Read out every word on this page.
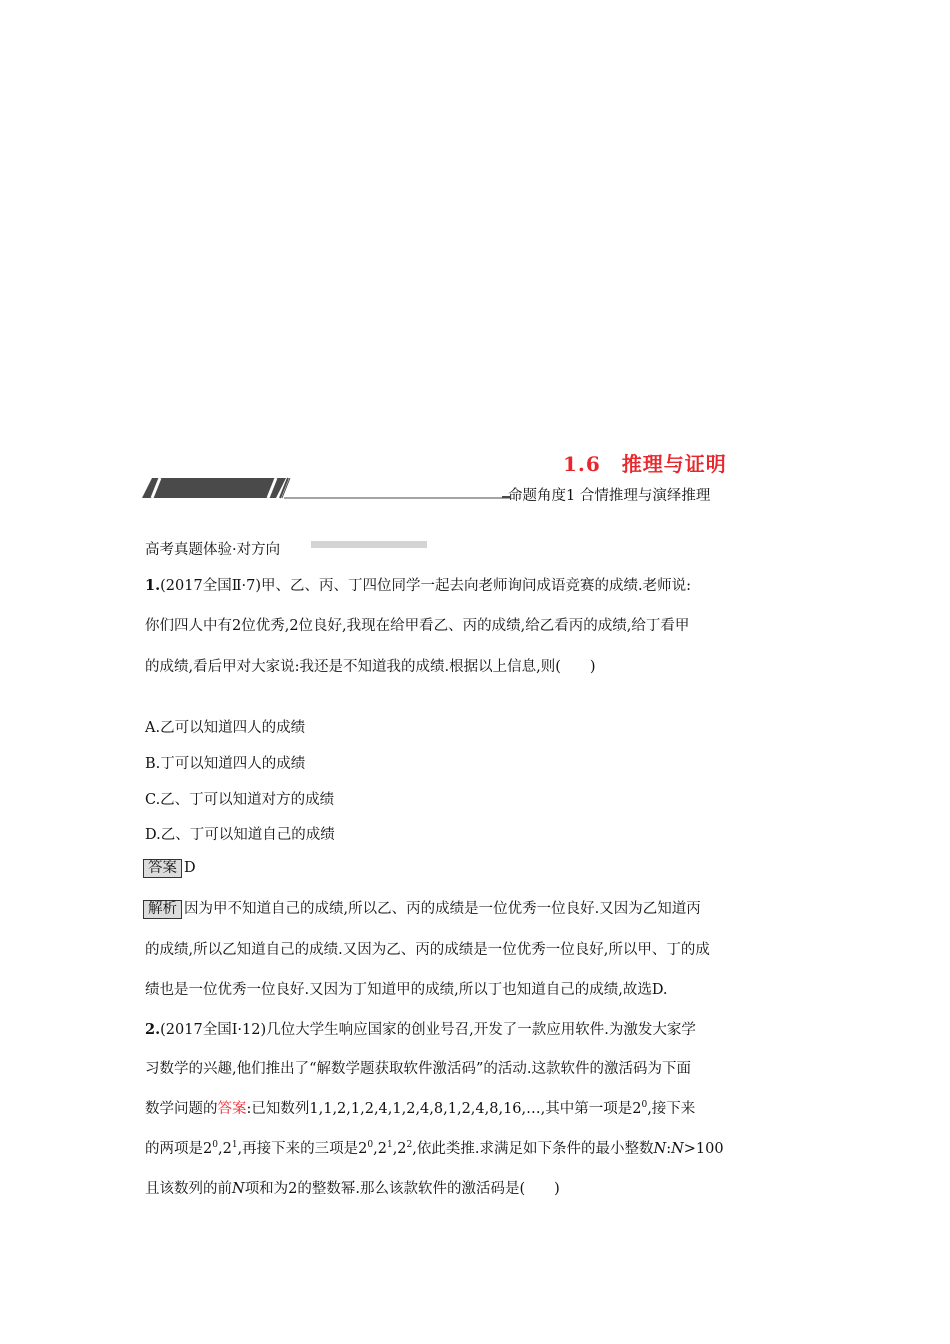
1.6　推理与证明
命题角度1 合情推理与演绎推理
高考真题体验·对方向
1.(2017全国Ⅱ·7)甲、乙、丙、丁四位同学一起去向老师询问成语竞赛的成绩.老师说:
你们四人中有2位优秀,2位良好,我现在给甲看乙、丙的成绩,给乙看丙的成绩,给丁看甲
的成绩,看后甲对大家说:我还是不知道我的成绩.根据以上信息,则(　　)
A.乙可以知道四人的成绩
B.丁可以知道四人的成绩
C.乙、丁可以知道对方的成绩
D.乙、丁可以知道自己的成绩
答案 D
解析 因为甲不知道自己的成绩,所以乙、丙的成绩是一位优秀一位良好.又因为乙知道丙
的成绩,所以乙知道自己的成绩.又因为乙、丙的成绩是一位优秀一位良好,所以甲、丁的成
绩也是一位优秀一位良好.又因为丁知道甲的成绩,所以丁也知道自己的成绩,故选D.
2.(2017全国Ⅰ·12)几位大学生响应国家的创业号召,开发了一款应用软件.为激发大家学
习数学的兴趣,他们推出了“解数学题获取软件激活码”的活动.这款软件的激活码为下面
数学问题的答案:已知数列1,1,2,1,2,4,1,2,4,8,1,2,4,8,16,…,其中第一项是$2^0$,接下来
的两项是$2^0,2^1$,再接下来的三项是$2^0,2^1,2^2$,依此类推.求满足如下条件的最小整数N:N>100
且该数列的前N项和为2的整数幂.那么该款软件的激活码是(　　)
